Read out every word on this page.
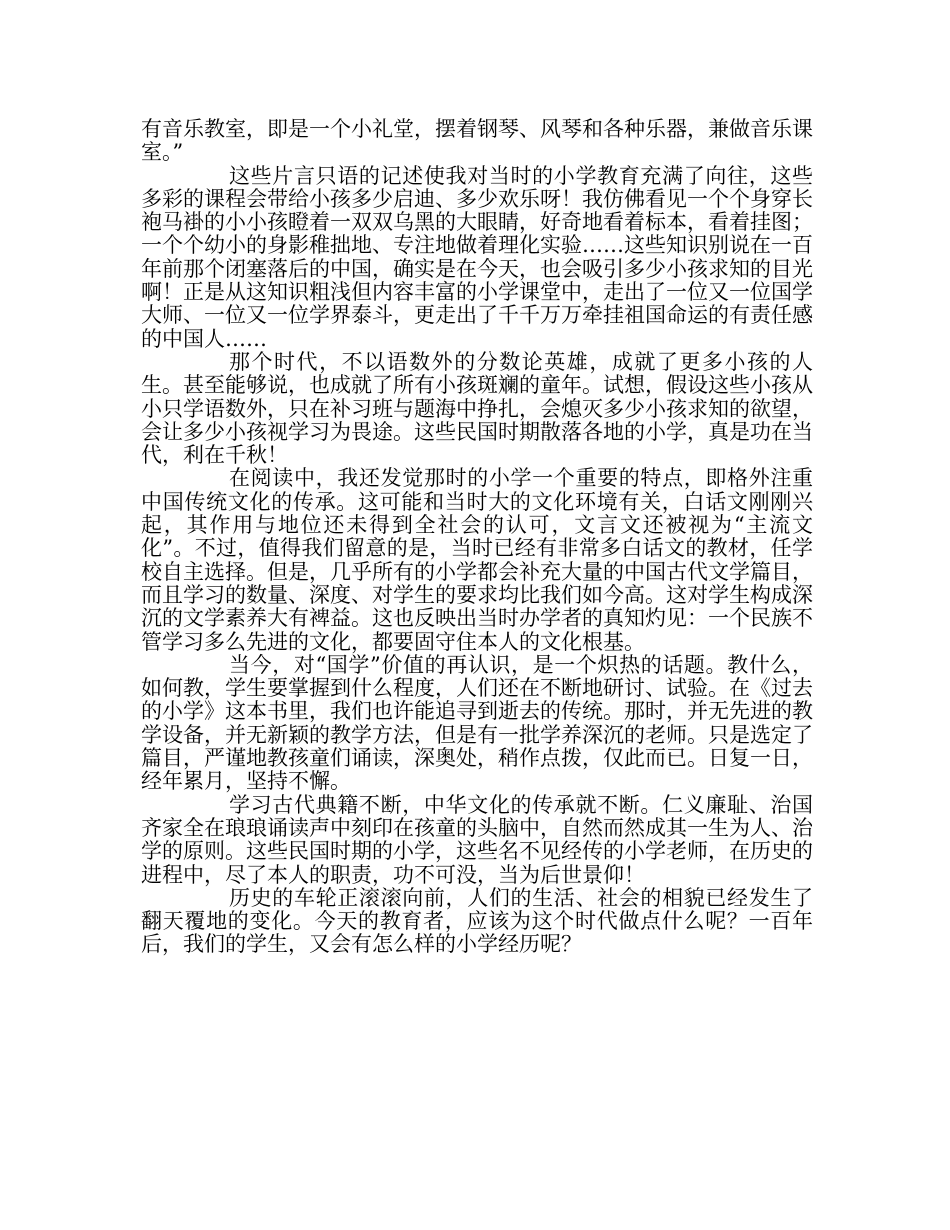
有音乐教室，即是一个小礼堂，摆着钢琴、风琴和各种乐器，兼做音乐课室。”

这些片言只语的记述使我对当时的小学教育充满了向往，这些多彩的课程会带给小孩多少启迪、多少欢乐呀！我仿佛看见一个个身穿长袍马褂的小小孩瞪着一双双乌黑的大眼睛，好奇地看着标本，看着挂图；一个个幼小的身影稚拙地、专注地做着理化实验……这些知识别说在一百年前那个闭塞落后的中国，确实是在今天，也会吸引多少小孩求知的目光啊！正是从这知识粗浅但内容丰富的小学课堂中，走出了一位又一位国学大师、一位又一位学界泰斗，更走出了千千万万牵挂祖国命运的有责任感的中国人……

那个时代，不以语数外的分数论英雄，成就了更多小孩的人生。甚至能够说，也成就了所有小孩斑斓的童年。试想，假设这些小孩从小只学语数外，只在补习班与题海中挣扎，会熄灭多少小孩求知的欲望，会让多少小孩视学习为畏途。这些民国时期散落各地的小学，真是功在当代，利在千秋！

在阅读中，我还发觉那时的小学一个重要的特点，即格外注重中国传统文化的传承。这可能和当时大的文化环境有关，白话文刚刚兴起，其作用与地位还未得到全社会的认可，文言文还被视为“主流文化”。不过，值得我们留意的是，当时已经有非常多白话文的教材，任学校自主选择。但是，几乎所有的小学都会补充大量的中国古代文学篇目，而且学习的数量、深度、对学生的要求均比我们如今高。这对学生构成深沉的文学素养大有裨益。这也反映出当时办学者的真知灼见：一个民族不管学习多么先进的文化，都要固守住本人的文化根基。

当今，对“国学”价值的再认识，是一个炽热的话题。教什么，如何教，学生要掌握到什么程度，人们还在不断地研讨、试验。在《过去的小学》这本书里，我们也许能追寻到逝去的传统。那时，并无先进的教学设备，并无新颖的教学方法，但是有一批学养深沉的老师。只是选定了篇目，严谨地教孩童们诵读，深奥处，稍作点拨，仅此而已。日复一日，经年累月，坚持不懈。

学习古代典籍不断，中华文化的传承就不断。仁义廉耻、治国齐家全在琅琅诵读声中刻印在孩童的头脑中，自然而然成其一生为人、治学的原则。这些民国时期的小学，这些名不见经传的小学老师，在历史的进程中，尽了本人的职责，功不可没，当为后世景仰！

历史的车轮正滚滚向前，人们的生活、社会的相貌已经发生了翻天覆地的变化。今天的教育者，应该为这个时代做点什么呢？一百年后，我们的学生，又会有怎么样的小学经历呢？
